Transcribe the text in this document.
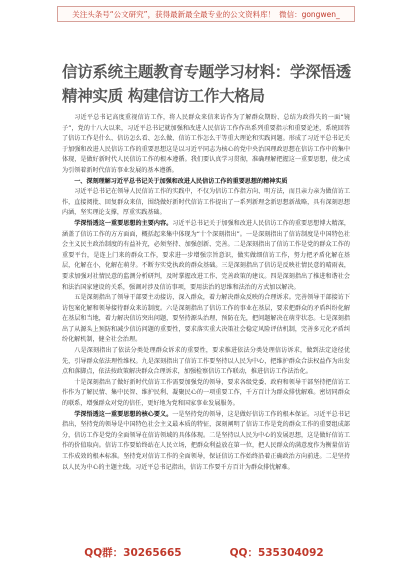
关注头条号“公文研究”，获得最新最全最专业的公文资料库！ 微信：gongwen_
信访系统主题教育专题学习材料：学深悟透精神实质 构建信访工作大格局

习近平总书记高度重视信访工作，将人民群众来信来访作为了解群众期盼、总结为政得失的一面“镜子”，党的十八大以来，习近平总书记就加强和改进人民信访工作作出系列重要指示和重要论述，系统回答了信访工作是什么、信访怎么看、怎么做、信访工作怎么干等重大理论和实践问题。形成了习近平总书记关于加强和改进人民信访工作的重要思想这是以习近平同志为核心的党中央治国理政思想在信访工作中的集中体现，是做好新时代人民信访工作的根本遵循。我们要认真学习贯彻，准确理解把握这一重要思想，使之成为引领着新时代信访事业发展的基本遵循。

一、深刻理解习近平总书记关于加强和改进人民信访工作的重要思想的精神实质

习近平总书记在领导人民信访工作的实践中，不仅为信访工作指方向、明方法，而且亲力亲为做信访工作，直接阅批、回复群众来信，围绕做好新时代信访工作提出了一系列新理念新思想新战略，具有深刻思想内涵，坚实理论支撑，厚重实践基础。

学深悟透这一重要思想的主要内容。习近平总书记关于加强和改进人民信访工作的重要思想博大精深，涵盖了信访工作的方方面面，概括起来集中体现为“十个深刻指出”。一是深刻指出了信访制度是中国特色社会主义民主政治制度的有益补充，必须坚持、加强创新、完善。二是深刻指出了信访工作是党的群众工作的重要平台，是连上门来的群众工作，要求进一步增强宗旨意识，做实做细信访工作，努力把矛盾化解在基层，化解在小，化解在萌芽。不断夯实党执政的群众基础。三是深刻指出了信访是反映社情民意的晴雨表，要求加强对社情民意的监测分析研判，及时掌握改进工作、完善政策的建议。四是深刻指出了推进和谐社会和法治国家建设的关系，强调对涉及信访事项，要用法治的思维和法治的方式加以解决。

五是深刻指出了领导干部要主动接访，深入群众，着力解决群众反映的合理诉求。完善领导干部接访下访包案化解和领导接待群众来访制度。六是深刻指出了信访工作的事业在基层，要求把群众的矛盾纠纷化解在基层和当地，着力解决信访突出问题，要坚持源头治理，预防在先，把问题解决在萌芽状态。七是深刻指出了从源头上预防和减少信访问题的重要性，要求落实重大决策社会稳定风险评估机制，完善多元化矛盾纠纷化解机制，健全社会治理。

八是深刻指出了依法分类处理群众诉求的重要性，要求推进依法分类处理信访诉求，做到法定途径优先，引导群众依法理性维权。九是深刻指出了信访工作要坚持以人民为中心，把维护群众合法权益作为出发点和落脚点，依法按政策解决群众合理诉求，加强检察信访工作联动，推进信访工作法治化。

十是深刻指出了做好新时代信访工作需要加强党的领导，要求各级党委、政府和领导干部坚持把信访工作作为了解民情、集中民智、维护民利、凝聚民心的一项重要工作，千方百计为群众排忧解难。密切同群众的联系，增强群众对党的信任，更好地为党和国家事业发展服务。

学深悟透这一重要思想的核心要义。一是坚持党的领导，这是做好信访工作的根本保证。习近平总书记指出，坚持党的领导是中国特色社会主义最本质的特征，深刻阐明了信访工作是党的群众工作的重要组成部分，信访工作是党的全面领导在信访领域的具体体现。二是坚持以人民为中心的发展思想，这是做好信访工作的价值取向。信访工作要始终站在人民立场，把群众利益放在第一位，把人民群众的满意度作为衡量信访工作成效的根本标准。坚持党对信访工作的全面领导，保证信访工作始终沿着正确政治方向前进。二是坚持以人民为中心的主题主线。习近平总书记指出，信访工作要千方百计为群众排忧解难。

QQ群：30265665	QQ：535304092
